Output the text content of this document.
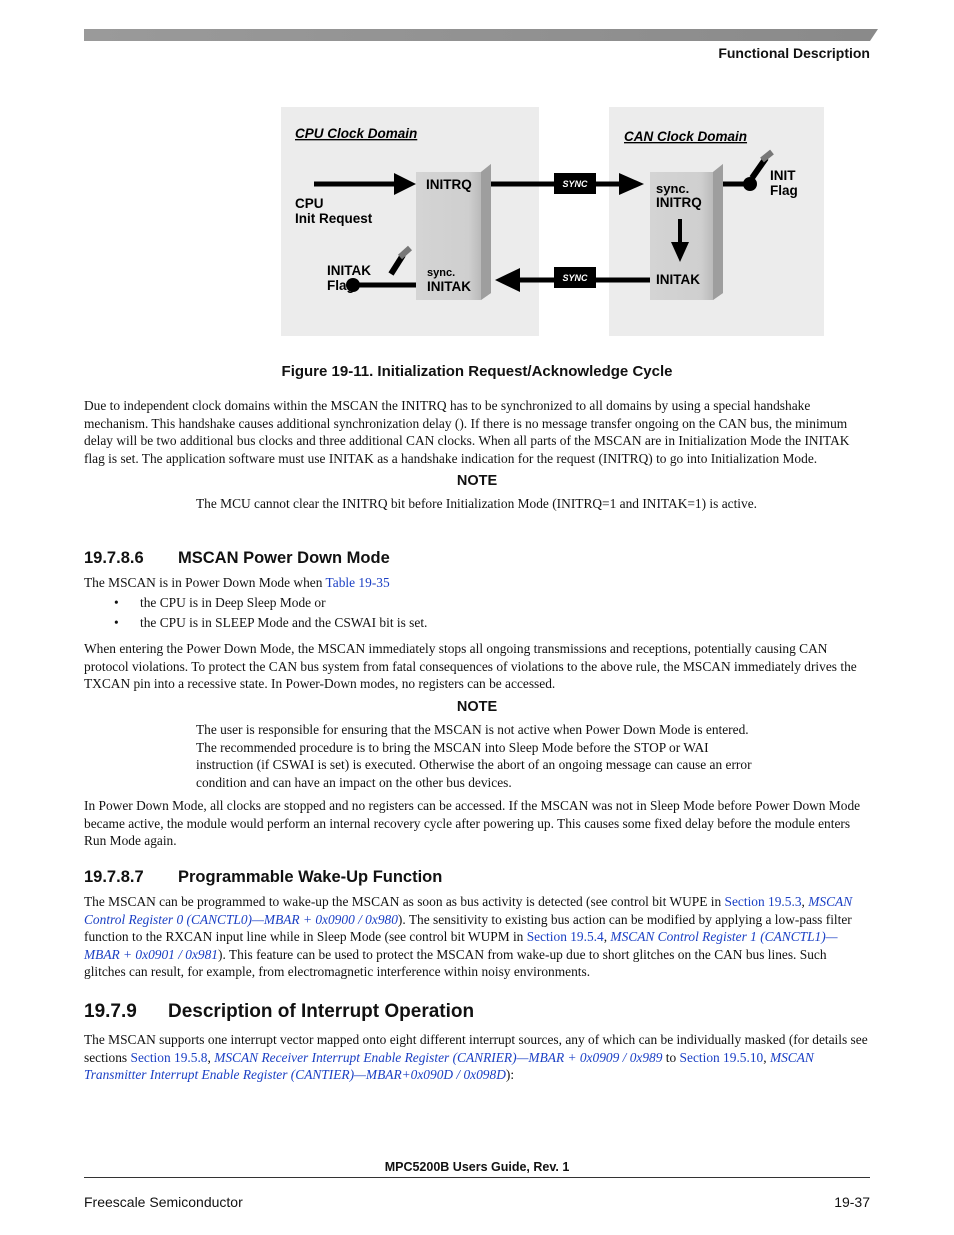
Functional Description
CPU Clock Domain	CAN Clock Domain
CPU
Init Request
INITRQ
sync.
INITAK
INITAK
Flag
SYNC
SYNC
sync.
INITRQ
INITAK
INIT
Flag
Figure 19-11. Initialization Request/Acknowledge Cycle

Due to independent clock domains within the MSCAN the INITRQ has to be synchronized to all domains by using a special handshake mechanism. This handshake causes additional synchronization delay (). If there is no message transfer ongoing on the CAN bus, the minimum delay will be two additional bus clocks and three additional CAN clocks. When all parts of the MSCAN are in Initialization Mode the INITAK flag is set. The application software must use INITAK as a handshake indication for the request (INITRQ) to go into Initialization Mode.

NOTE

The MCU cannot clear the INITRQ bit before Initialization Mode (INITRQ=1 and INITAK=1) is active.

19.7.8.6 MSCAN Power Down Mode

The MSCAN is in Power Down Mode when Table 19-35

• the CPU is in Deep Sleep Mode or
• the CPU is in SLEEP Mode and the CSWAI bit is set.

When entering the Power Down Mode, the MSCAN immediately stops all ongoing transmissions and receptions, potentially causing CAN protocol violations. To protect the CAN bus system from fatal consequences of violations to the above rule, the MSCAN immediately drives the TXCAN pin into a recessive state. In Power-Down modes, no registers can be accessed.

NOTE

The user is responsible for ensuring that the MSCAN is not active when Power Down Mode is entered. The recommended procedure is to bring the MSCAN into Sleep Mode before the STOP or WAI instruction (if CSWAI is set) is executed. Otherwise the abort of an ongoing message can cause an error condition and can have an impact on the other bus devices.

In Power Down Mode, all clocks are stopped and no registers can be accessed. If the MSCAN was not in Sleep Mode before Power Down Mode became active, the module would perform an internal recovery cycle after powering up. This causes some fixed delay before the module enters Run Mode again.

19.7.8.7 Programmable Wake-Up Function

The MSCAN can be programmed to wake-up the MSCAN as soon as bus activity is detected (see control bit WUPE in Section 19.5.3, MSCAN Control Register 0 (CANCTL0)—MBAR + 0x0900 / 0x980). The sensitivity to existing bus action can be modified by applying a low-pass filter function to the RXCAN input line while in Sleep Mode (see control bit WUPM in Section 19.5.4, MSCAN Control Register 1 (CANCTL1)—MBAR + 0x0901 / 0x981). This feature can be used to protect the MSCAN from wake-up due to short glitches on the CAN bus lines. Such glitches can result, for example, from electromagnetic interference within noisy environments.

19.7.9 Description of Interrupt Operation

The MSCAN supports one interrupt vector mapped onto eight different interrupt sources, any of which can be individually masked (for details see sections Section 19.5.8, MSCAN Receiver Interrupt Enable Register (CANRIER)—MBAR + 0x0909 / 0x989 to Section 19.5.10, MSCAN Transmitter Interrupt Enable Register (CANTIER)—MBAR+0x090D / 0x098D):

MPC5200B Users Guide, Rev. 1
Freescale Semiconductor	19-37
